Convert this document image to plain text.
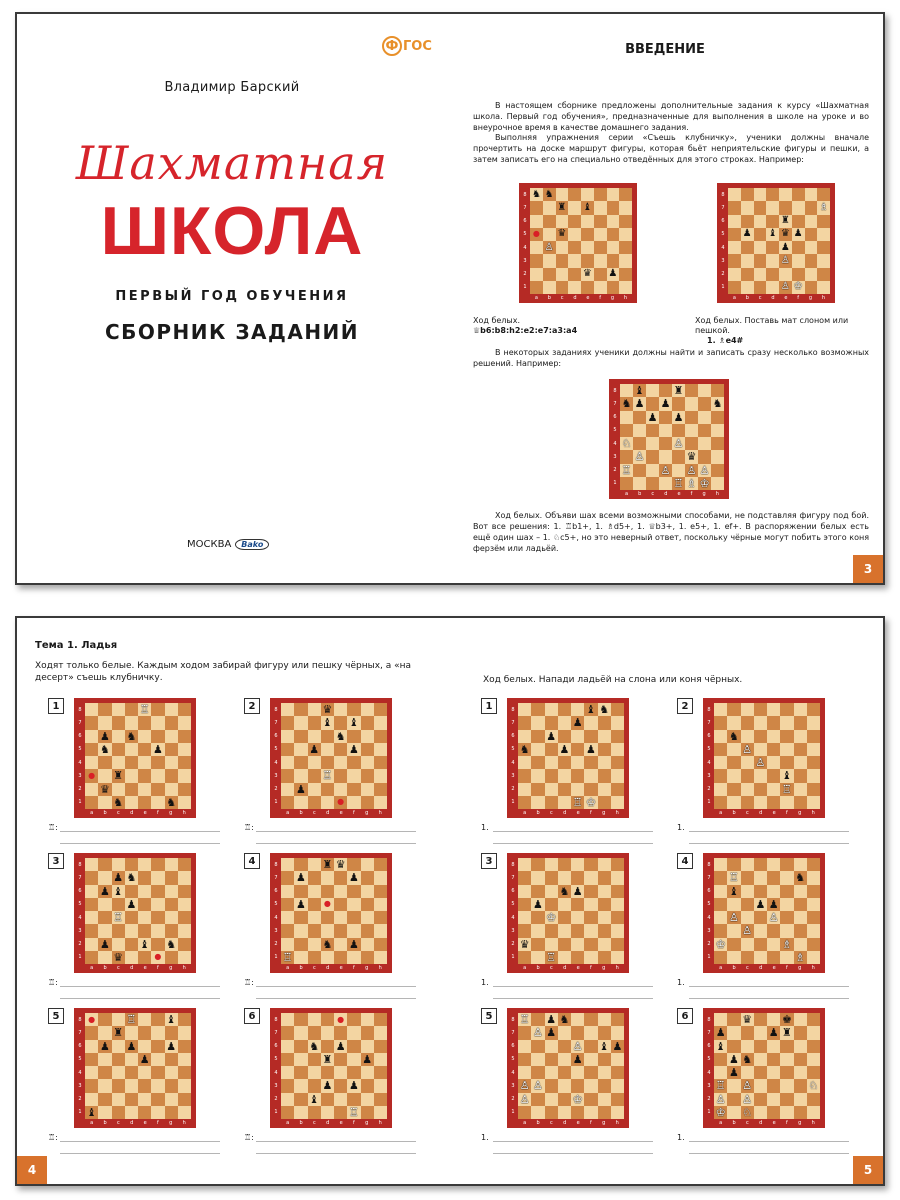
Ф ГОС
Владимир Барский
Шахматная
ШКОЛА
ПЕРВЫЙ ГОД ОБУЧЕНИЯ
СБОРНИК ЗАДАНИЙ
МОСКВА	Bako
ВВЕДЕНИЕ
В настоящем сборнике предложены дополнительные задания к курсу «Шахматная школа. Первый год обучения», предназначенные для выполнения в школе на уроке и во внеурочное время в качестве домашнего задания.
Выполняя упражнения серии «Съешь клубничку», ученики должны вначале прочертить на доске маршрут фигуры, которая бьёт неприятельские фигуры и пешки, а затем записать его на специально отведённых для этого строках. Например:
♞ ♞
♜ ♝
● ♛
♙
♛ ♟
8
7
6
5
4
3
2
1
a b c d e f g h
♗
♜
♟ ♝ ♛ ♟
♟
♙
♙ ♔
8
7
6
5
4
3
2
1
a b c d e f g h
Ход белых.
♕b6:b8:h2:e2:e7:a3:a4
Ход белых. Поставь мат слоном или пешкой.
1. ♗e4#
В некоторых заданиях ученики должны найти и записать сразу несколько возможных решений. Например:
♝	♜
♞ ♟ ♟	♞
♟ ♟
♘	♙
♙	♛
♖	♙ ♙ ♙
♖ ♗ ♔
8
7
6
5
4
3
2
1
a b c d e f g h
Ход белых. Объяви шах всеми возможными способами, не подставляя фигуру под бой. Вот все решения: 1. ♖b1+, 1. ♗d5+, 1. ♕b3+, 1. e5+, 1. ef+. В распоряжении белых есть ещё один шах – 1. ♘c5+, но это неверный ответ, поскольку чёрные могут побить этого коня ферзём или ладьёй.
3
Тема 1. Ладья
Ходят только белые. Каждым ходом забирай фигуру или пешку чёрных, а «на десерт» съешь клубничку.
4
1	♖
♟ ♞
♞	♟
● ♜
♛
♞	♞
8
7
6
5
4
3
2
1
a b c d e f g h
♖:
2	♛
♝ ♝
♞
♟	♟
♖
♟
●
8
7
6
5
4
3
2
1
a b c d e f g h
♖:
3
♟ ♞
♟ ♝
♟
♖
♟	♝ ♞
♛	●
8
7
6
5
4
3
2
1
a b c d e f g h
♖:
4	♜ ♛
♟	♟
♟ ●
♞ ♟
♖
8
7
6
5
4
3
2
1
a b c d e f g h
♖:
5	●	♖	♝
♜
♟ ♟	♟
♟
♝
8
7
6
5
4
3
2
1
a b c d e f g h
♖:
6	●
♞ ♟
♜	♟
♟ ♟
♝
♖
8
7
6
5
4
3
2
1
a b c d e f g h
♖:
Ход белых. Напади ладьёй на слона или коня чёрных.
5
1	♝ ♞
♟
♟
♞	♟ ♟
♖ ♔
8
7
6
5
4
3
2
1
a b c d e f g h
1.
2
♞
♙
♙
♝
♖
8
7
6
5
4
3
2
1
a b c d e f g h
1.
3
♞ ♟
♟
♔
♛
♖
8
7
6
5
4
3
2
1
a b c d e f g h
1.
4
♖	♞
♝
♟ ♟
♙	♙
♙
♔	♗
♗
8
7
6
5
4
3
2
1
a b c d e f g h
1.
5	♖ ♟ ♞
♙ ♟
♙ ♝ ♟
♟
♙ ♙
♙	♔
8
7
6
5
4
3
2
1
a b c d e f g h
1.
6	♛	♚
♟	♟ ♜
♝
♟ ♞
♟
♖ ♙	♘
♙ ♙
♔ ♘
8
7
6
5
4
3
2
1
a b c d e f g h
1.
